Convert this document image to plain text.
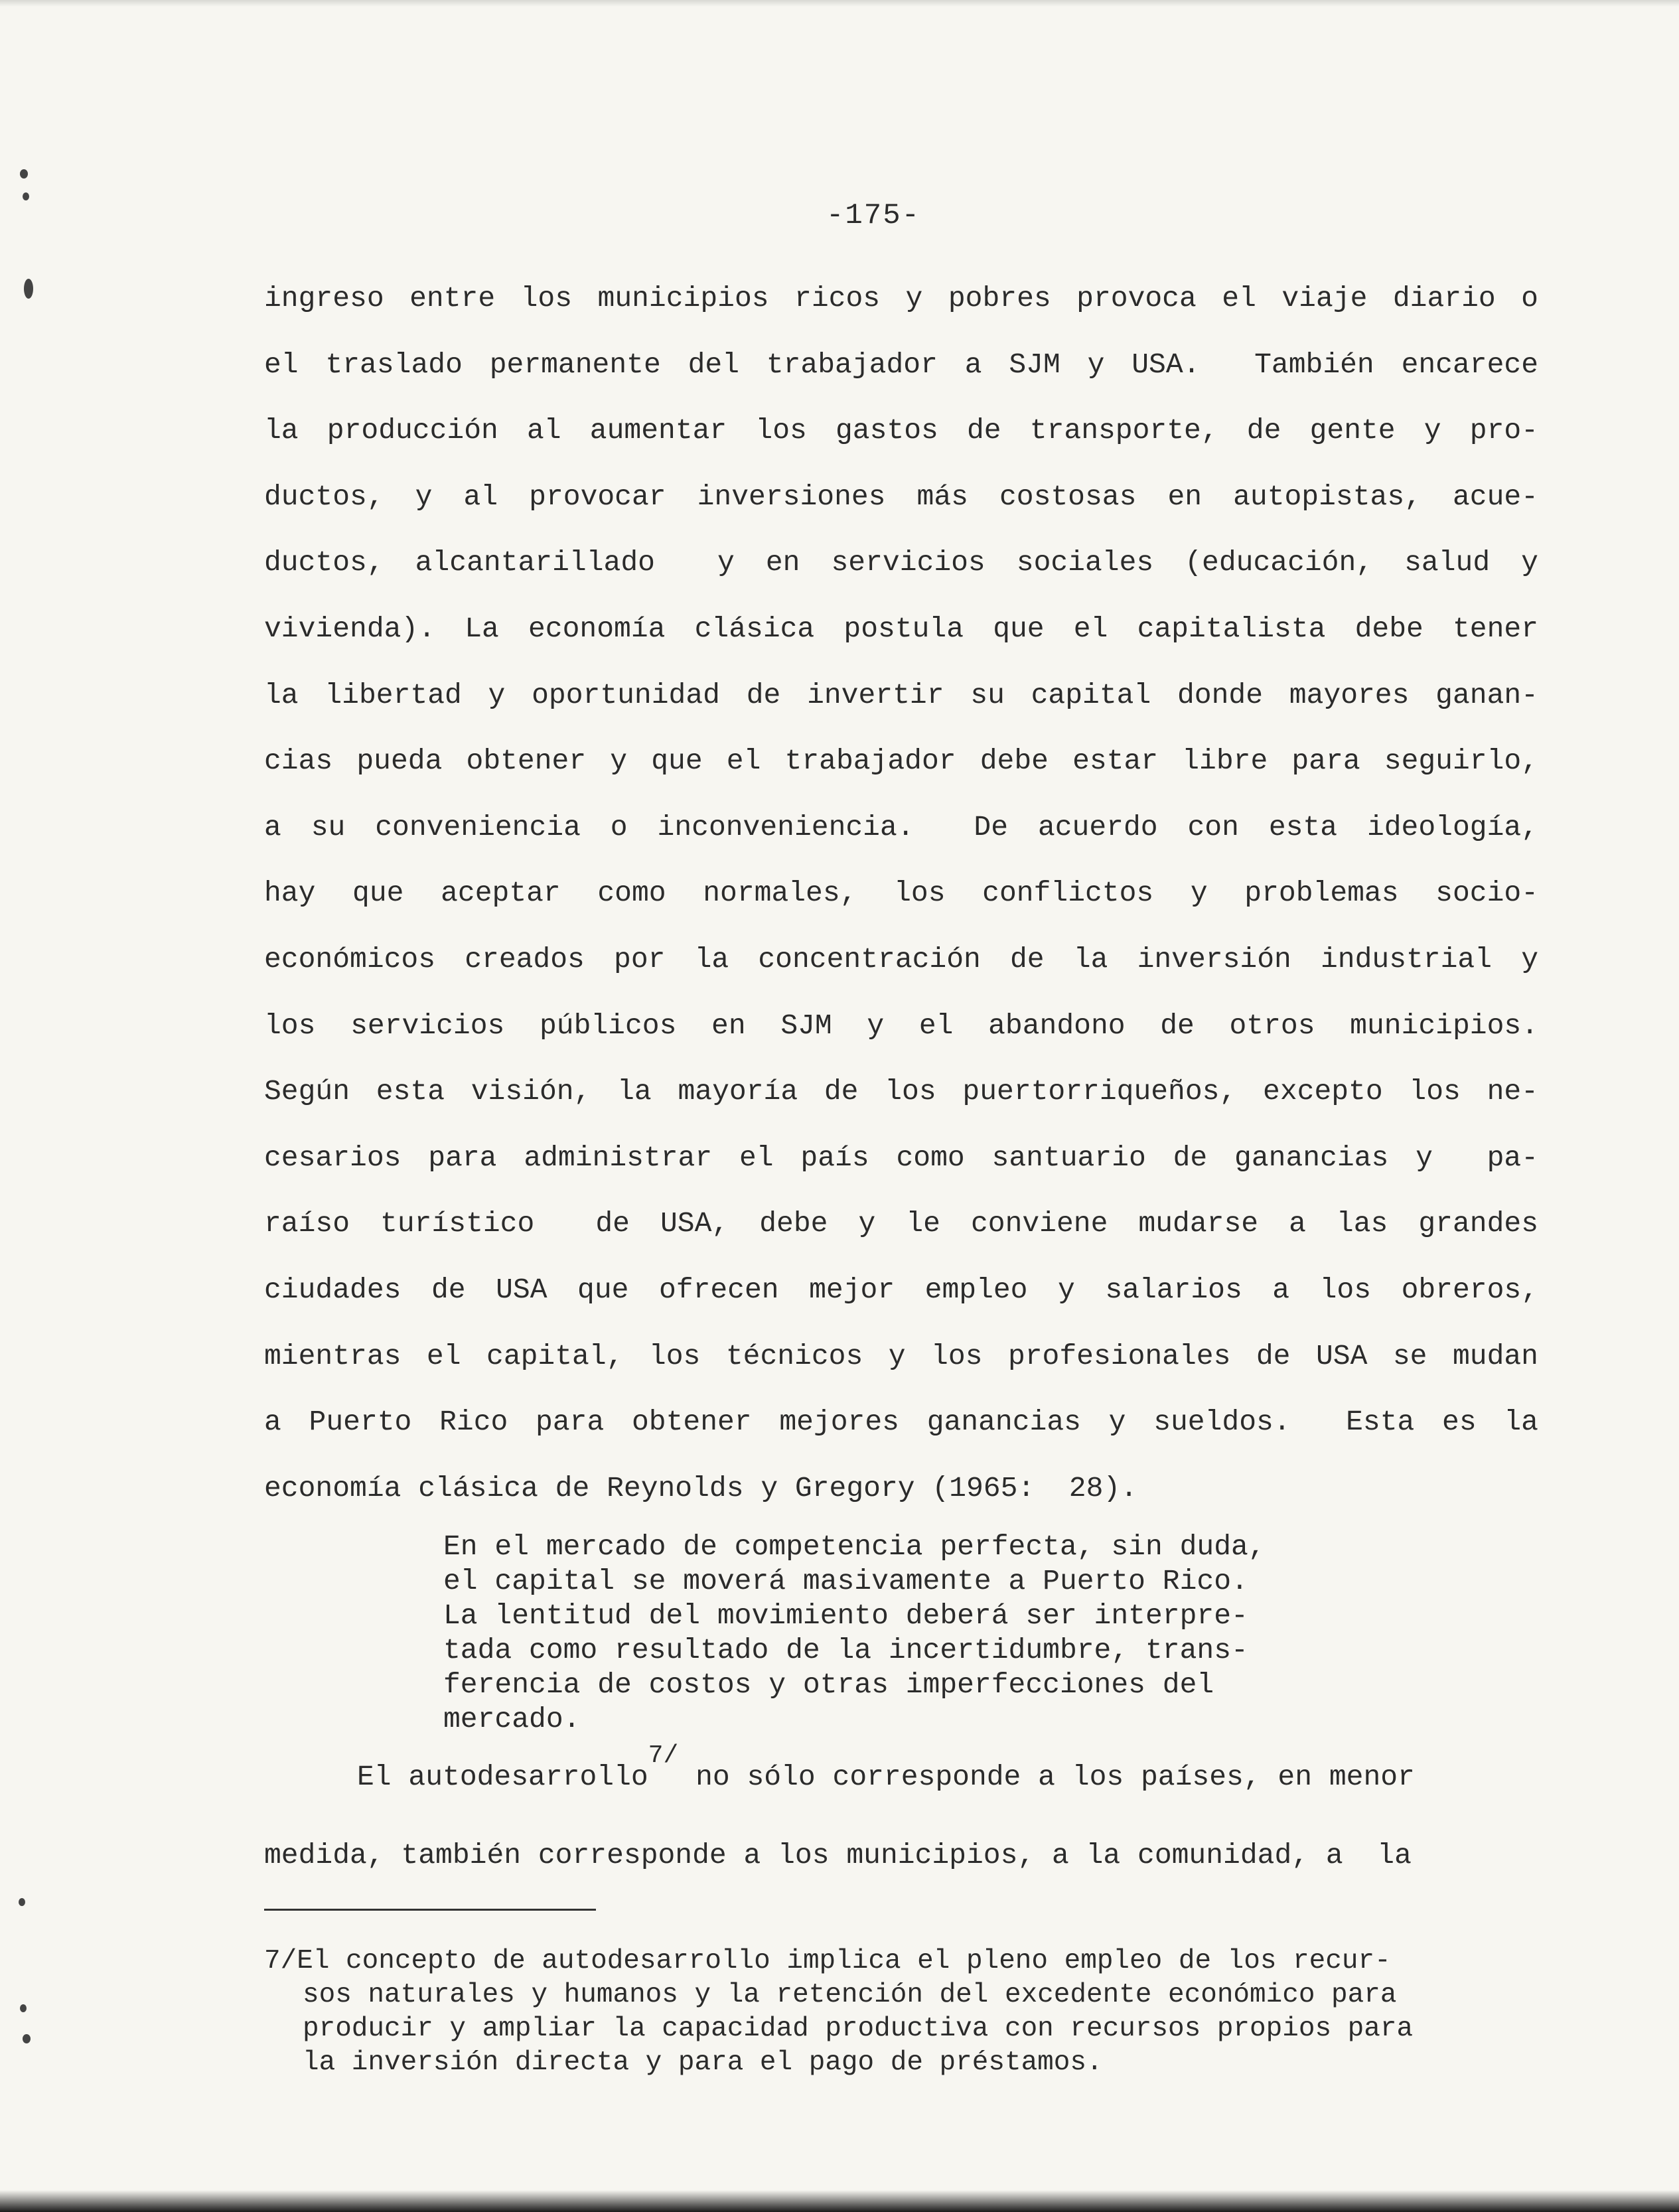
-175-
ingreso entre los municipios ricos y pobres provoca el viaje diario o
el traslado permanente del trabajador a SJM y USA.  También encarece
la producción al aumentar los gastos de transporte, de gente y pro-
ductos, y al provocar inversiones más costosas en autopistas, acue-
ductos, alcantarillado  y en servicios sociales (educación, salud y
vivienda). La economía clásica postula que el capitalista debe tener
la libertad y oportunidad de invertir su capital donde mayores ganan-
cias pueda obtener y que el trabajador debe estar libre para seguirlo,
a su conveniencia o inconveniencia.  De acuerdo con esta ideología,
hay que aceptar como normales, los conflictos y problemas socio-
económicos creados por la concentración de la inversión industrial y
los servicios públicos en SJM y el abandono de otros municipios.
Según esta visión, la mayoría de los puertorriqueños, excepto los ne-
cesarios para administrar el país como santuario de ganancias y  pa-
raíso turístico  de USA, debe y le conviene mudarse a las grandes
ciudades de USA que ofrecen mejor empleo y salarios a los obreros,
mientras el capital, los técnicos y los profesionales de USA se mudan
a Puerto Rico para obtener mejores ganancias y sueldos.  Esta es la
economía clásica de Reynolds y Gregory (1965:  28).
En el mercado de competencia perfecta, sin duda,
el capital se moverá masivamente a Puerto Rico.
La lentitud del movimiento deberá ser interpre-
tada como resultado de la incertidumbre, trans-
ferencia de costos y otras imperfecciones del
mercado.
El autodesarrollo7/ no sólo corresponde a los países, en menor
medida, también corresponde a los municipios, a la comunidad, a  la
7/El concepto de autodesarrollo implica el pleno empleo de los recur-
sos naturales y humanos y la retención del excedente económico para
producir y ampliar la capacidad productiva con recursos propios para
la inversión directa y para el pago de préstamos.
